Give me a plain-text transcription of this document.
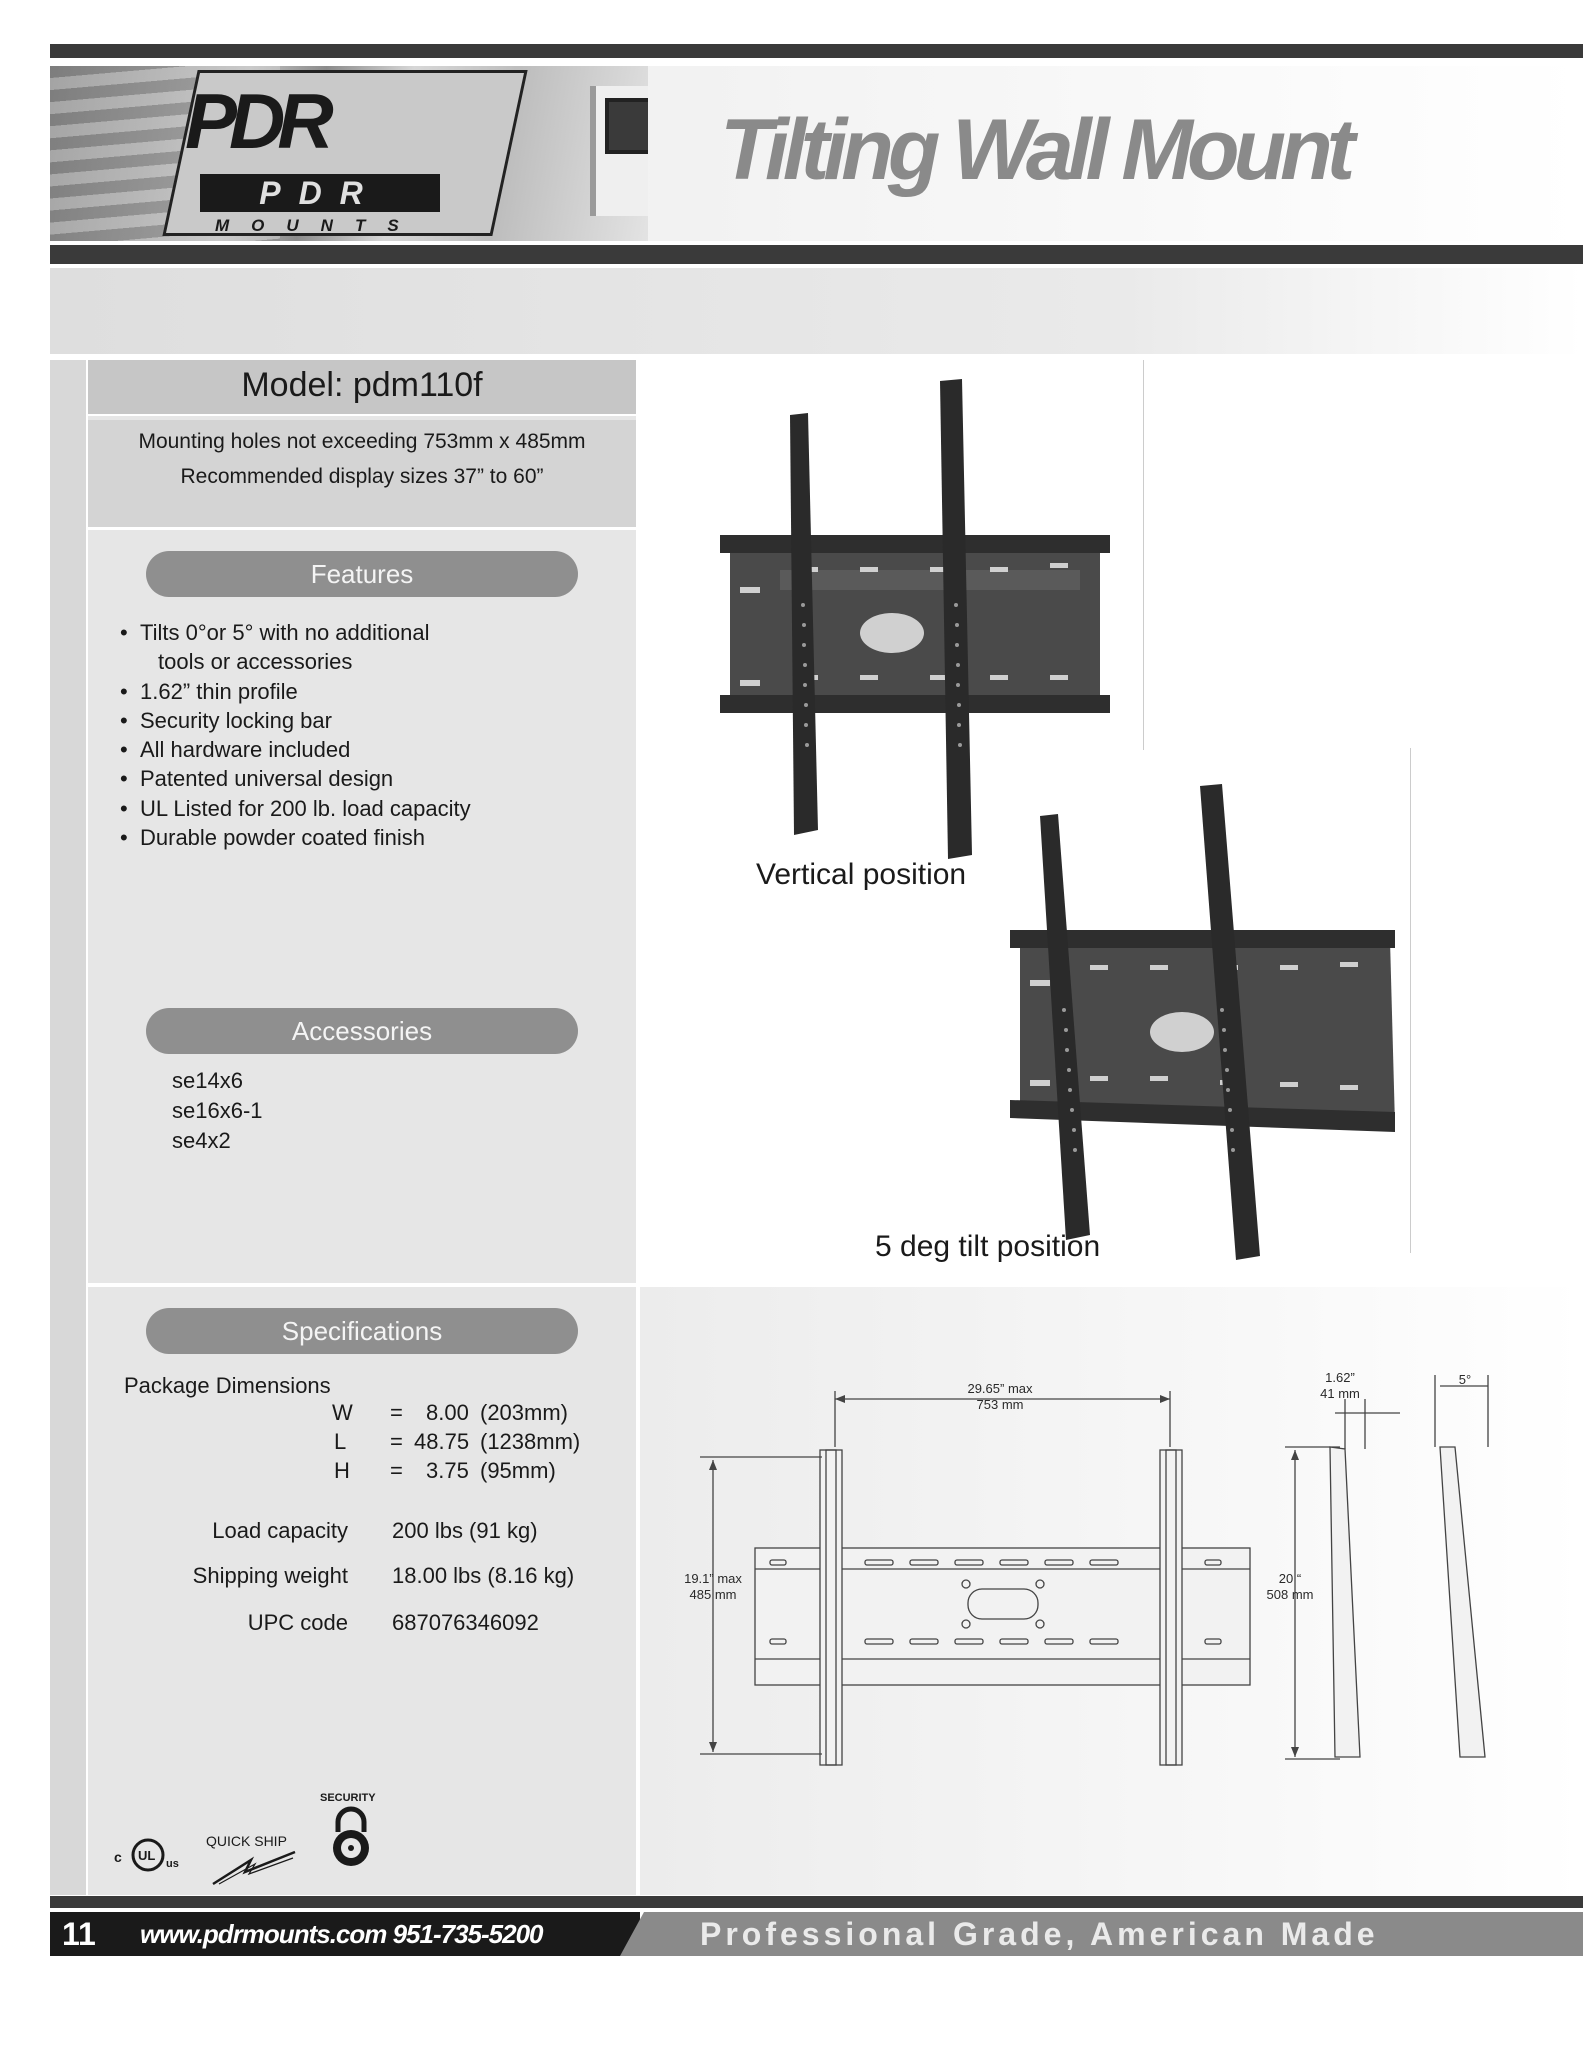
PDR
PDR
MOUNTS
Tilting Wall Mount
Model: pdm110f
Mounting holes not exceeding 753mm x 485mm
Recommended display sizes 37” to 60”
Features
• Tilts 0°or 5° with no additional
tools or accessories
• 1.62” thin profile
• Security locking bar
• All hardware included
• Patented universal design
• UL Listed for 200 lb. load capacity
• Durable powder coated finish
Accessories
se14x6
se16x6-1
se4x2
Specifications
Package Dimensions
W = 8.00 (203mm)
L = 48.75 (1238mm)
H = 3.75 (95mm)
Load capacity 200 lbs (91 kg)
Shipping weight 18.00 lbs (8.16 kg)
UPC code 687076346092
c UL
us
QUICK SHIP
SECURITY
Vertical position
5 deg tilt position
29.65” max
753 mm
19.1” max
485 mm
1.62”
41 mm
20 “
508 mm
5°
11 www.pdrmounts.com 951-735-5200	Professional Grade, American Made
